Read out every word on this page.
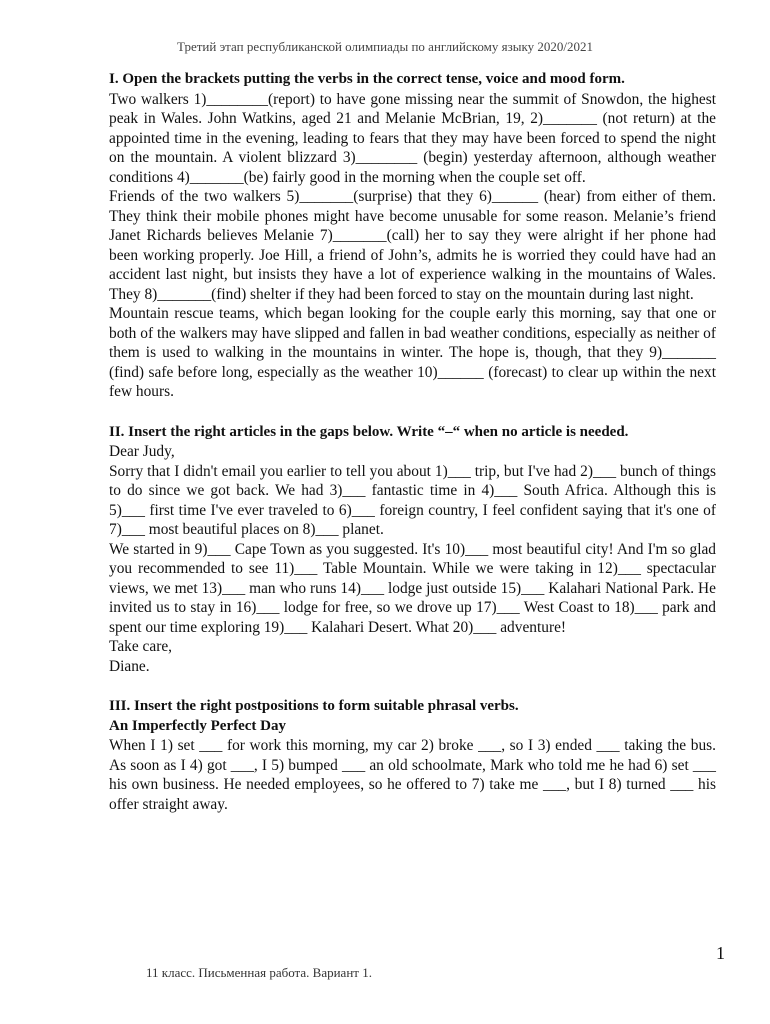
Третий этап республиканской олимпиады по английскому языку 2020/2021

I. Open the brackets putting the verbs in the correct tense, voice and mood form.

Two walkers 1)________(report) to have gone missing near the summit of Snowdon, the highest peak in Wales. John Watkins, aged 21 and Melanie McBrian, 19, 2)_______ (not return) at the appointed time in the evening, leading to fears that they may have been forced to spend the night on the mountain. A violent blizzard 3)________ (begin) yesterday afternoon, although weather conditions 4)_______(be) fairly good in the morning when the couple set off.

Friends of the two walkers 5)_______(surprise) that they 6)______ (hear) from either of them. They think their mobile phones might have become unusable for some reason. Melanie’s friend Janet Richards believes Melanie 7)_______(call) her to say they were alright if her phone had been working properly. Joe Hill, a friend of John’s, admits he is worried they could have had an accident last night, but insists they have a lot of experience walking in the mountains of Wales. They 8)_______(find) shelter if they had been forced to stay on the mountain during last night.

Mountain rescue teams, which began looking for the couple early this morning, say that one or both of the walkers may have slipped and fallen in bad weather conditions, especially as neither of them is used to walking in the mountains in winter. The hope is, though, that they 9)_______ (find) safe before long, especially as the weather 10)______ (forecast) to clear up within the next few hours.

II. Insert the right articles in the gaps below. Write “–“ when no article is needed.

Dear Judy,

Sorry that I didn't email you earlier to tell you about 1)___ trip, but I've had 2)___ bunch of things to do since we got back. We had 3)___ fantastic time in 4)___ South Africa. Although this is 5)___ first time I've ever traveled to 6)___ foreign country, I feel confident saying that it's one of 7)___ most beautiful places on 8)___ planet.

We started in 9)___ Cape Town as you suggested. It's 10)___ most beautiful city! And I'm so glad you recommended to see 11)___ Table Mountain. While we were taking in 12)___ spectacular views, we met 13)___ man who runs 14)___ lodge just outside 15)___ Kalahari National Park. He invited us to stay in 16)___ lodge for free, so we drove up 17)___ West Coast to 18)___ park and spent our time exploring 19)___ Kalahari Desert. What 20)___ adventure!

Take care,

Diane.

III. Insert the right postpositions to form suitable phrasal verbs.

An Imperfectly Perfect Day

When I 1) set ___ for work this morning, my car 2) broke ___, so I 3) ended ___ taking the bus. As soon as I 4) got ___, I 5) bumped ___ an old schoolmate, Mark who told me he had 6) set ___ his own business. He needed employees, so he offered to 7) take me ___, but I 8) turned ___ his offer straight away.

1
11 класс. Письменная работа. Вариант 1.
